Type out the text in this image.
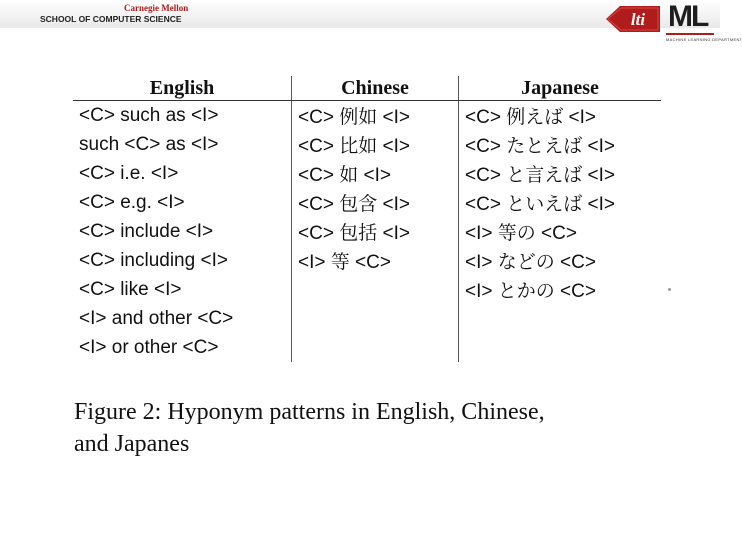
Carnegie Mellon
SCHOOL OF COMPUTER SCIENCE	lti ML
MACHINE LEARNING DEPARTMENT
English	Chinese	Japanese
<C> such as <I>	<C> 例如 <I>	<C> 例えば <I>
such <C> as <I>	<C> 比如 <I>	<C> たとえば <I>
<C> i.e. <I>	<C> 如 <I>	<C> と言えば <I>
<C> e.g. <I>	<C> 包含 <I>	<C> といえば <I>
<C> include <I>	<C> 包括 <I>	<I> 等の <C>
<C> including <I>	<I> 等 <C>	<I> などの <C>
<C> like <I>		<I> とかの <C>
<I> and other <C>		
<I> or other <C>		
Figure 2: Hyponym patterns in English, Chinese,
and Japanes
